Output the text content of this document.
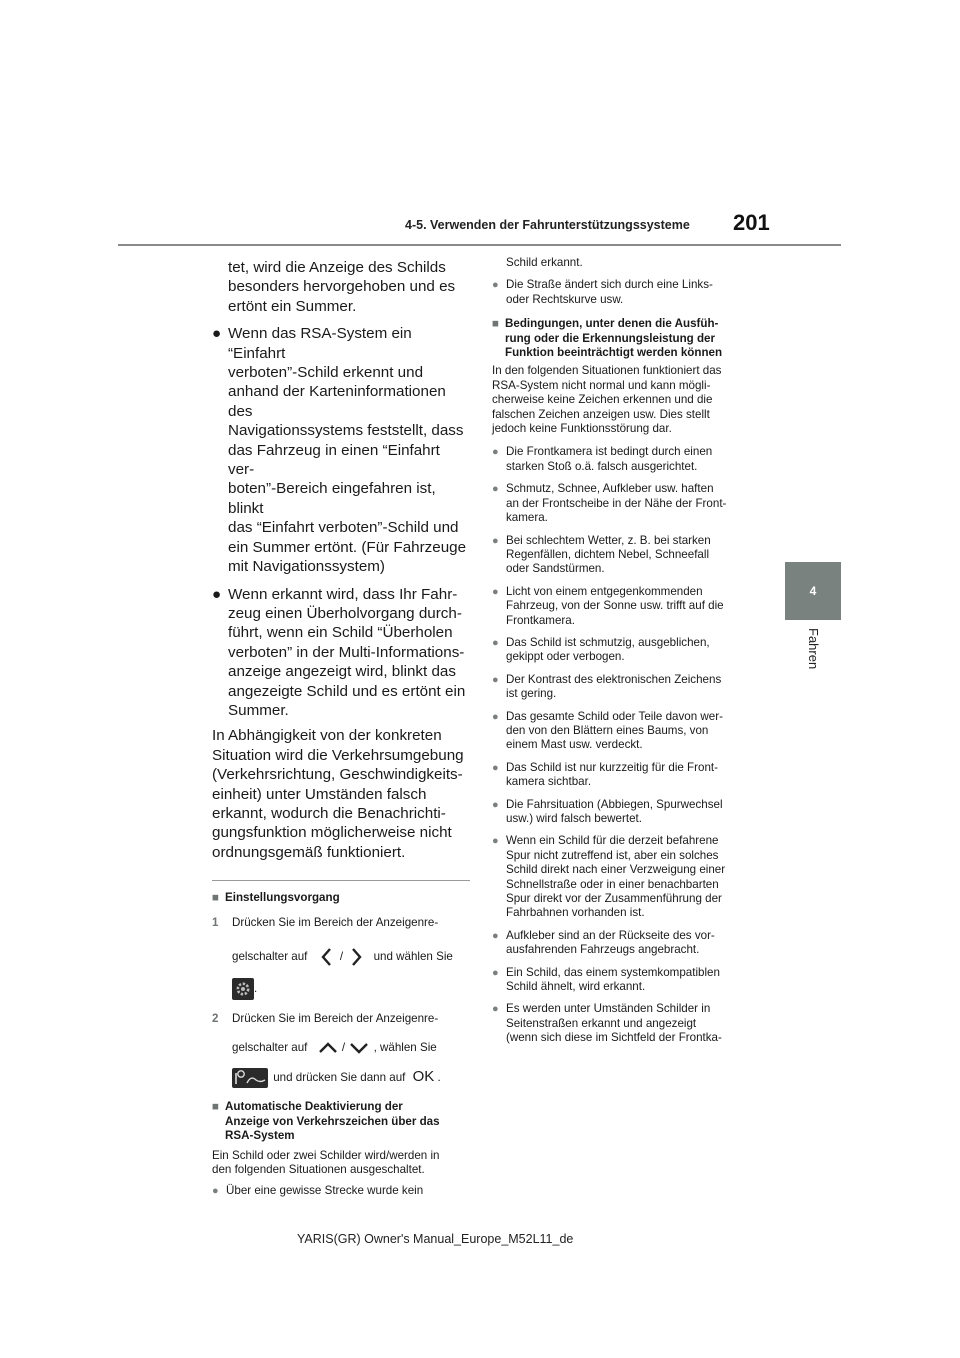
4-5. Verwenden der Fahrunterstützungssysteme 201
4
Fahren

tet, wird die Anzeige des Schilds

besonders hervorgehoben und es

ertönt ein Summer.

● Wenn das RSA-System ein “Einfahrt

verboten”-Schild erkennt und

anhand der Karteninformationen des

Navigationssystems feststellt, dass

das Fahrzeug in einen “Einfahrt ver-

boten”-Bereich eingefahren ist, blinkt

das “Einfahrt verboten”-Schild und

ein Summer ertönt. (Für Fahrzeuge

mit Navigationssystem)

● Wenn erkannt wird, dass Ihr Fahr-

zeug einen Überholvorgang durch-

führt, wenn ein Schild “Überholen

verboten” in der Multi-Informations-

anzeige angezeigt wird, blinkt das

angezeigte Schild und es ertönt ein

Summer.

In Abhängigkeit von der konkreten

Situation wird die Verkehrsumgebung

(Verkehrsrichtung, Geschwindigkeits-

einheit) unter Umständen falsch

erkannt, wodurch die Benachrichti-

gungsfunktion möglicherweise nicht

ordnungsgemäß funktioniert.

■ Einstellungsvorgang
1 Drücken Sie im Bereich der Anzeigenre-

gelschalter auf	/	und wählen Sie

.

2 Drücken Sie im Bereich der Anzeigenre-

gelschalter auf	/ , wählen Sie

und drücken Sie dann auf OK .

■ Automatische Deaktivierung der

Anzeige von Verkehrszeichen über das

RSA-System

Ein Schild oder zwei Schilder wird/werden in

den folgenden Situationen ausgeschaltet.

● Über eine gewisse Strecke wurde kein

Schild erkannt.

● Die Straße ändert sich durch eine Links-

oder Rechtskurve usw.

■ Bedingungen, unter denen die Ausfüh-

rung oder die Erkennungsleistung der

Funktion beeinträchtigt werden können

In den folgenden Situationen funktioniert das

RSA-System nicht normal und kann mögli-

cherweise keine Zeichen erkennen und die

falschen Zeichen anzeigen usw. Dies stellt

jedoch keine Funktionsstörung dar.

● Die Frontkamera ist bedingt durch einen

starken Stoß o.ä. falsch ausgerichtet.

● Schmutz, Schnee, Aufkleber usw. haften

an der Frontscheibe in der Nähe der Front-

kamera.

● Bei schlechtem Wetter, z. B. bei starken

Regenfällen, dichtem Nebel, Schneefall

oder Sandstürmen.

● Licht von einem entgegenkommenden

Fahrzeug, von der Sonne usw. trifft auf die

Frontkamera.

● Das Schild ist schmutzig, ausgeblichen,

gekippt oder verbogen.

● Der Kontrast des elektronischen Zeichens

ist gering.

● Das gesamte Schild oder Teile davon wer-

den von den Blättern eines Baums, von

einem Mast usw. verdeckt.

● Das Schild ist nur kurzzeitig für die Front-

kamera sichtbar.

● Die Fahrsituation (Abbiegen, Spurwechsel

usw.) wird falsch bewertet.

● Wenn ein Schild für die derzeit befahrene

Spur nicht zutreffend ist, aber ein solches

Schild direkt nach einer Verzweigung einer

Schnellstraße oder in einer benachbarten

Spur direkt vor der Zusammenführung der

Fahrbahnen vorhanden ist.

● Aufkleber sind an der Rückseite des vor-

ausfahrenden Fahrzeugs angebracht.

● Ein Schild, das einem systemkompatiblen

Schild ähnelt, wird erkannt.

● Es werden unter Umständen Schilder in

Seitenstraßen erkannt und angezeigt

(wenn sich diese im Sichtfeld der Frontka-

YARIS(GR) Owner's Manual_Europe_M52L11_de
